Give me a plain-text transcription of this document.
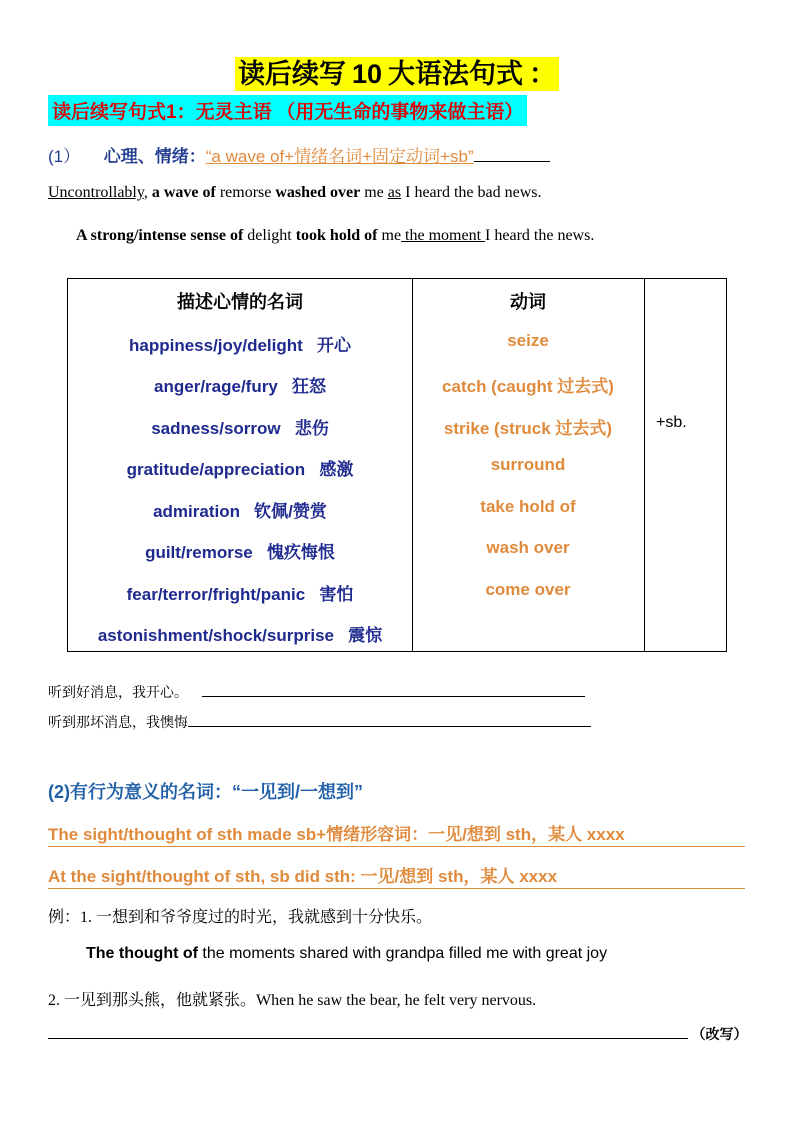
读后续写 10 大语法句式 ：
读后续写句式1：无灵主语 （用无生命的事物来做主语）
(1） 心理、情绪：“a wave of+情绪名词+固定动词+sb”
Uncontrollably, a wave of remorse washed over me as I heard the bad news.
A strong/intense sense of delight took hold of me the moment I heard the news.
描述心情的名词
happiness/joy/delight 开心
anger/rage/fury 狂怒
sadness/sorrow 悲伤
gratitude/appreciation 感激
admiration 钦佩/赞赏
guilt/remorse 愧疚悔恨
fear/terror/fright/panic 害怕
astonishment/shock/surprise 震惊
动词
seize
catch (caught 过去式)
strike (struck 过去式)
surround
take hold of
wash over
come over
+sb.
听到好消息，我开心。
听到那坏消息，我懊悔
(2)有行为意义的名词：“一见到/一想到”
The sight/thought of sth made sb+情绪形容词：一见/想到 sth，某人 xxxx
At the sight/thought of sth, sb did sth: 一见/想到 sth，某人 xxxx
例：1. 一想到和爷爷度过的时光，我就感到十分快乐。
The thought of the moments shared with grandpa filled me with great joy
2. 一见到那头熊，他就紧张。When he saw the bear, he felt very nervous.
（改写）
